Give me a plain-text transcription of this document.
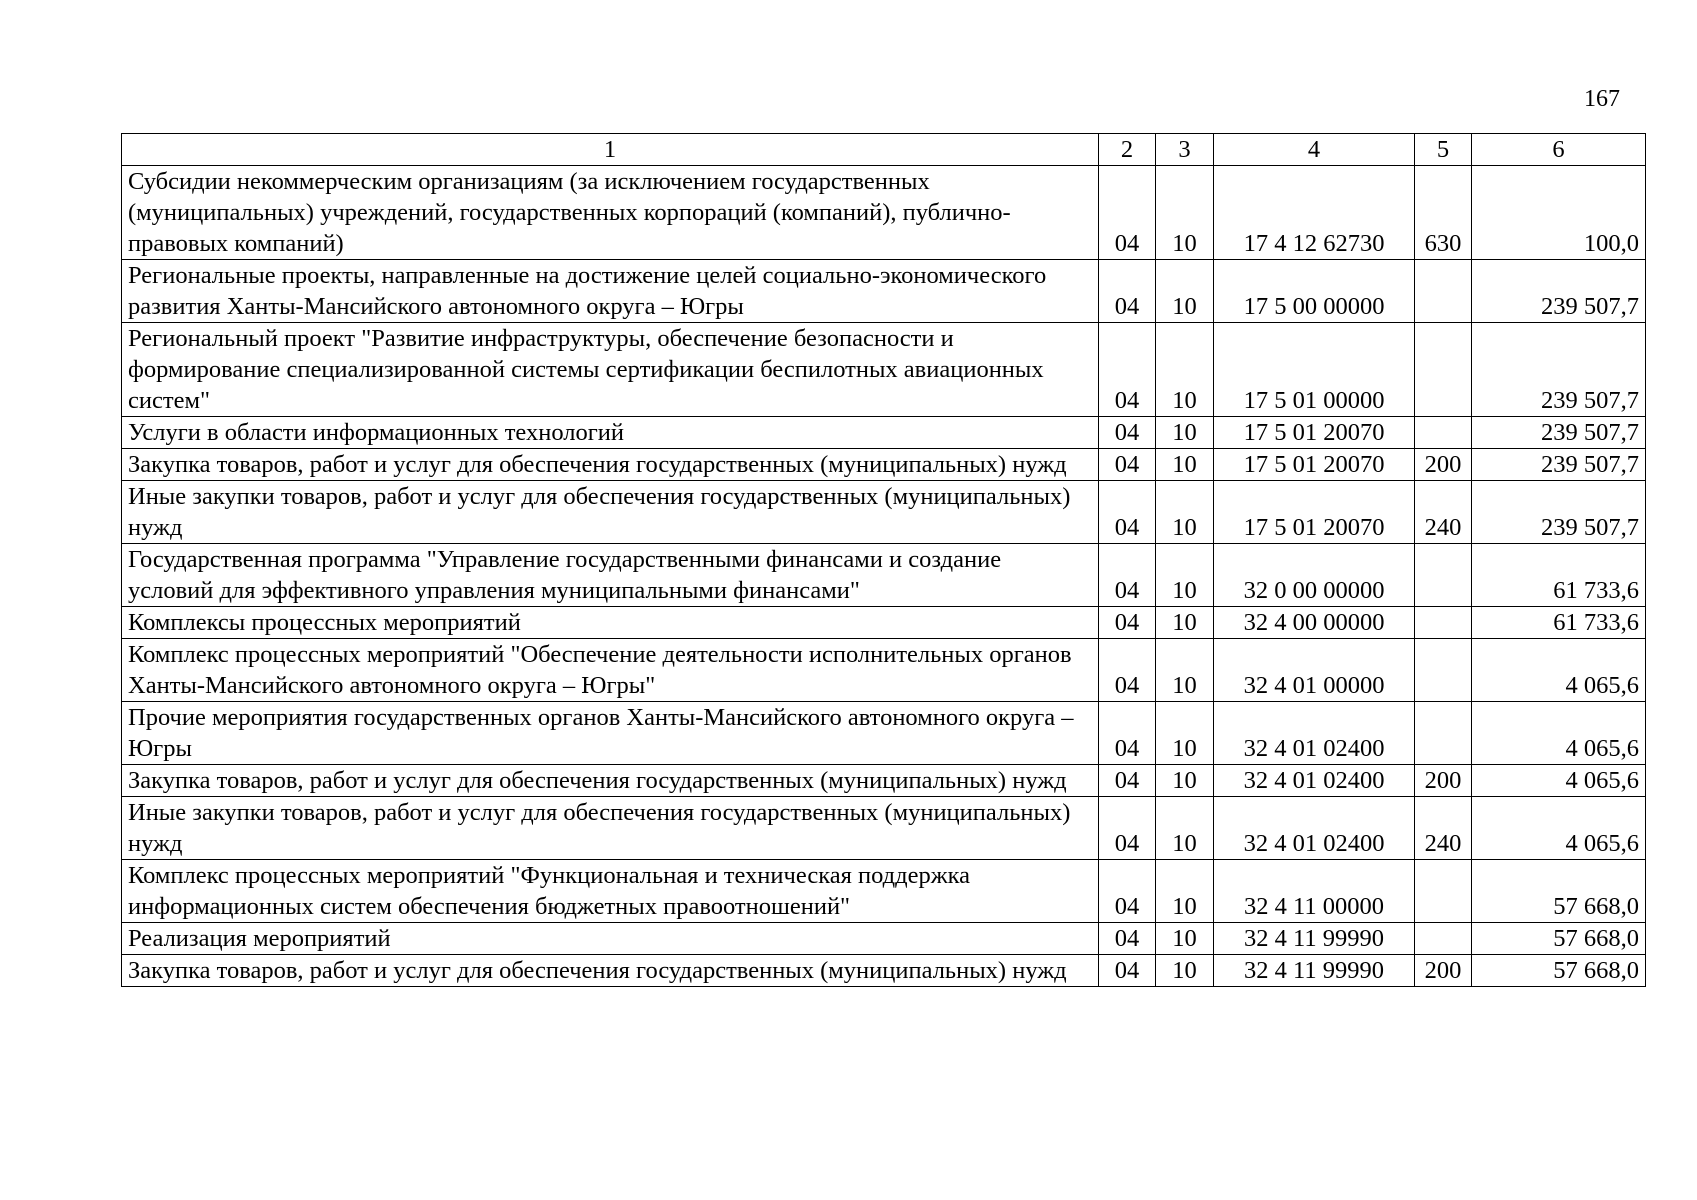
167
1	2	3	4	5	6
Субсидии некоммерческим организациям (за исключением государственных (муниципальных) учреждений, государственных корпораций (компаний), публично-правовых компаний)	04	10	17 4 12 62730	630	100,0
Региональные проекты, направленные на достижение целей социально-экономического развития Ханты-Мансийского автономного округа – Югры	04	10	17 5 00 00000		239 507,7
Региональный проект "Развитие инфраструктуры, обеспечение безопасности и формирование специализированной системы сертификации беспилотных авиационных систем"	04	10	17 5 01 00000		239 507,7
Услуги в области информационных технологий	04	10	17 5 01 20070		239 507,7
Закупка товаров, работ и услуг для обеспечения государственных (муниципальных) нужд	04	10	17 5 01 20070	200	239 507,7
Иные закупки товаров, работ и услуг для обеспечения государственных (муниципальных) нужд	04	10	17 5 01 20070	240	239 507,7
Государственная программа "Управление государственными финансами и создание условий для эффективного управления муниципальными финансами"	04	10	32 0 00 00000		61 733,6
Комплексы процессных мероприятий	04	10	32 4 00 00000		61 733,6
Комплекс процессных мероприятий "Обеспечение деятельности исполнительных органов Ханты-Мансийского автономного округа – Югры"	04	10	32 4 01 00000		4 065,6
Прочие мероприятия государственных органов Ханты-Мансийского автономного округа – Югры	04	10	32 4 01 02400		4 065,6
Закупка товаров, работ и услуг для обеспечения государственных (муниципальных) нужд	04	10	32 4 01 02400	200	4 065,6
Иные закупки товаров, работ и услуг для обеспечения государственных (муниципальных) нужд	04	10	32 4 01 02400	240	4 065,6
Комплекс процессных мероприятий "Функциональная и техническая поддержка информационных систем обеспечения бюджетных правоотношений"	04	10	32 4 11 00000		57 668,0
Реализация мероприятий	04	10	32 4 11 99990		57 668,0
Закупка товаров, работ и услуг для обеспечения государственных (муниципальных) нужд	04	10	32 4 11 99990	200	57 668,0
